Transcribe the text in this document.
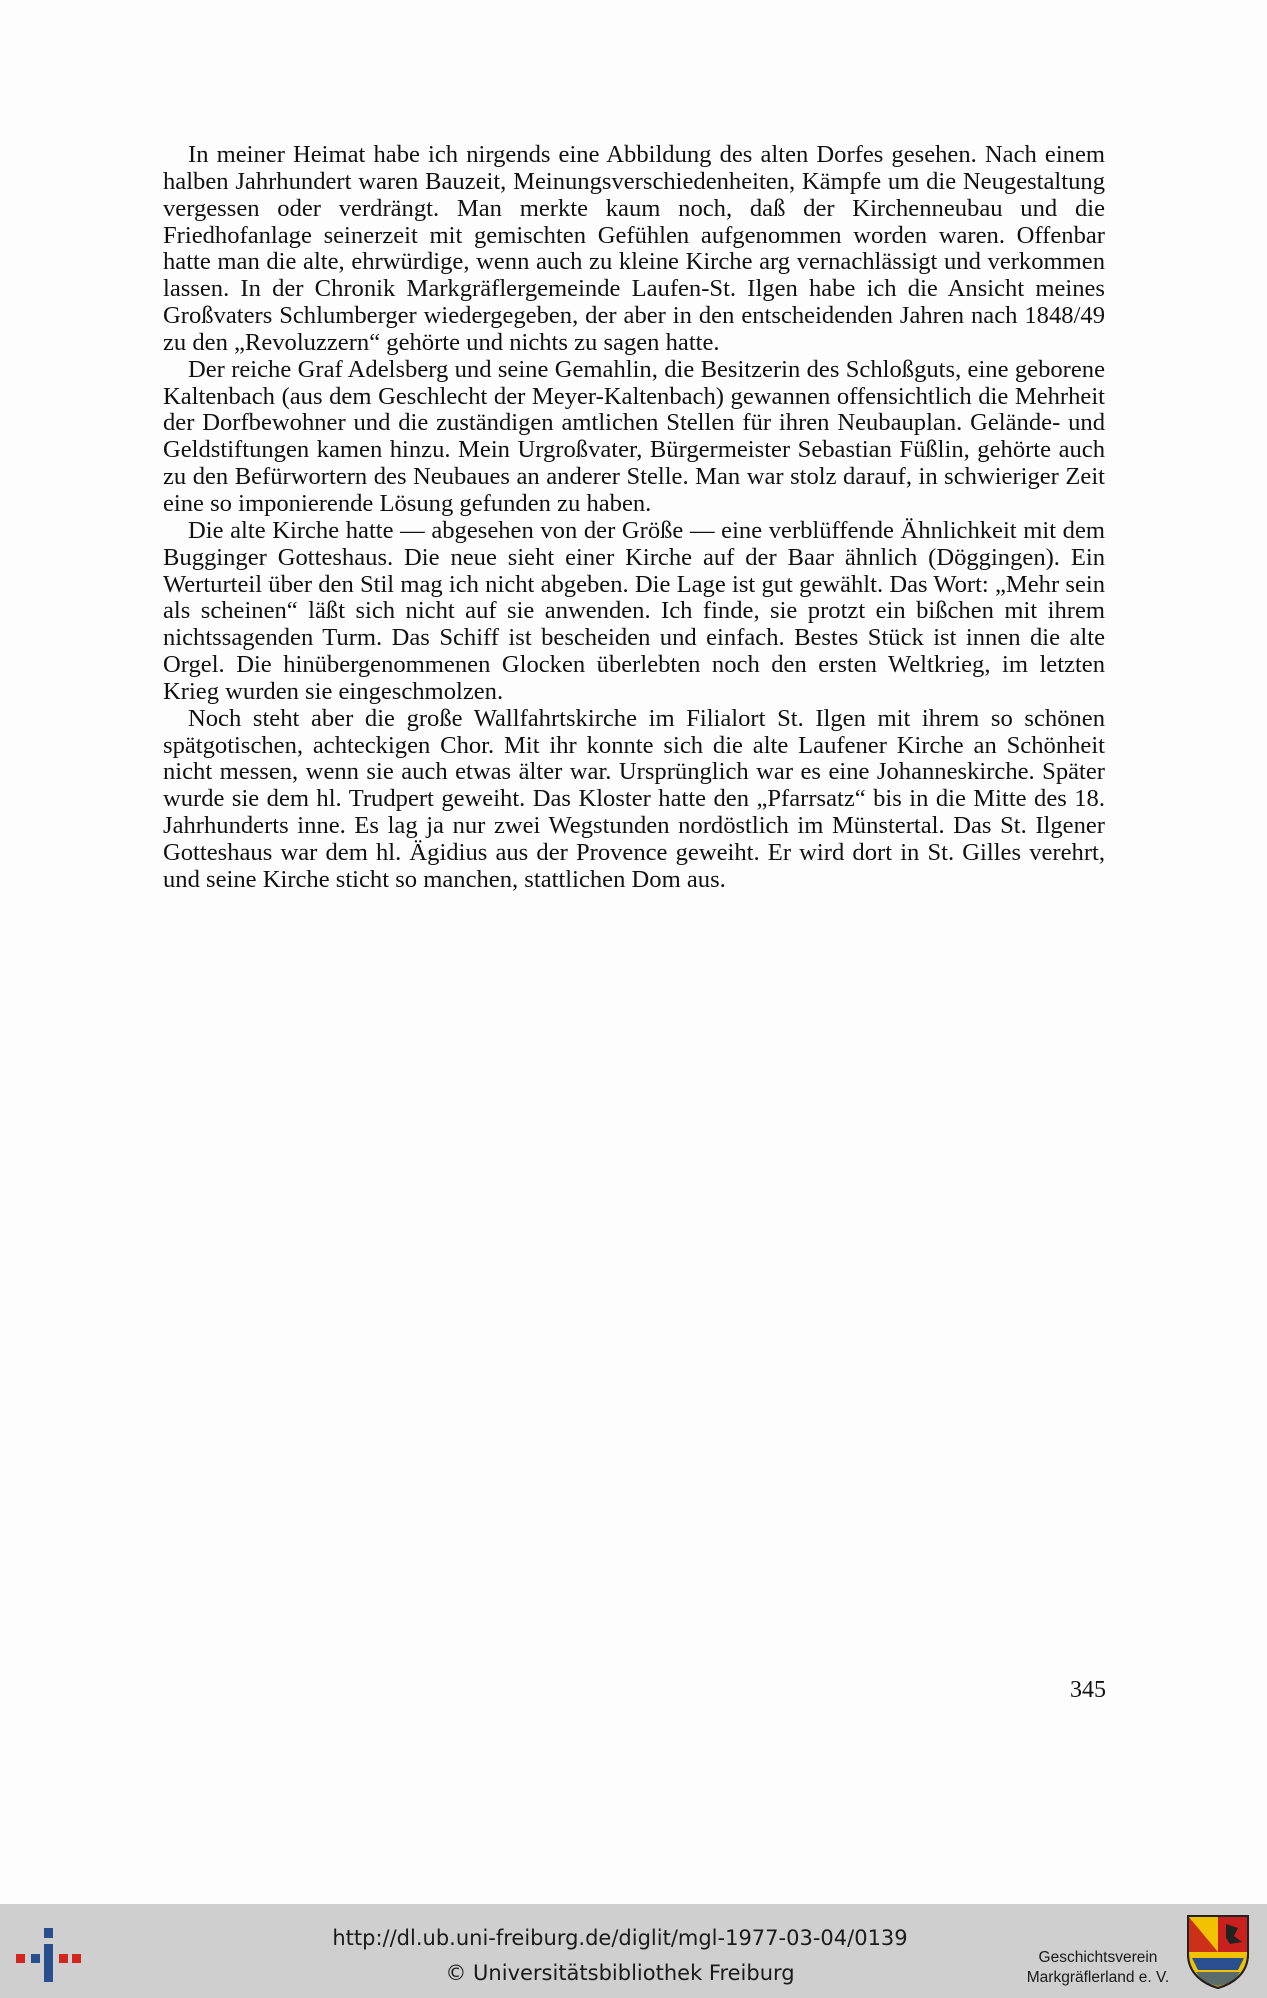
In meiner Heimat habe ich nirgends eine Abbildung des alten Dorfes gesehen. Nach einem halben Jahrhundert waren Bauzeit, Meinungsverschiedenheiten, Kämpfe um die Neugestaltung vergessen oder verdrängt. Man merkte kaum noch, daß der Kirchenneubau und die Friedhofanlage seinerzeit mit gemischten Gefühlen aufgenommen worden waren. Offenbar hatte man die alte, ehrwürdige, wenn auch zu kleine Kirche arg vernachlässigt und verkommen lassen. In der Chronik Markgräflergemeinde Laufen-St. Ilgen habe ich die Ansicht meines Großvaters Schlumberger wiedergegeben, der aber in den entscheidenden Jahren nach 1848/49 zu den „Revoluzzern“ gehörte und nichts zu sagen hatte.

Der reiche Graf Adelsberg und seine Gemahlin, die Besitzerin des Schloßguts, eine geborene Kaltenbach (aus dem Geschlecht der Meyer-Kaltenbach) gewannen offensichtlich die Mehrheit der Dorfbewohner und die zuständigen amtlichen Stellen für ihren Neubauplan. Gelände- und Geldstiftungen kamen hinzu. Mein Urgroßvater, Bürgermeister Sebastian Füßlin, gehörte auch zu den Befürwortern des Neubaues an anderer Stelle. Man war stolz darauf, in schwieriger Zeit eine so imponierende Lösung gefunden zu haben.

Die alte Kirche hatte — abgesehen von der Größe — eine verblüffende Ähnlichkeit mit dem Bugginger Gotteshaus. Die neue sieht einer Kirche auf der Baar ähnlich (Döggingen). Ein Werturteil über den Stil mag ich nicht abgeben. Die Lage ist gut gewählt. Das Wort: „Mehr sein als scheinen“ läßt sich nicht auf sie anwenden. Ich finde, sie protzt ein bißchen mit ihrem nichtssagenden Turm. Das Schiff ist bescheiden und einfach. Bestes Stück ist innen die alte Orgel. Die hinübergenommenen Glocken überlebten noch den ersten Weltkrieg, im letzten Krieg wurden sie eingeschmolzen.

Noch steht aber die große Wallfahrtskirche im Filialort St. Ilgen mit ihrem so schönen spätgotischen, achteckigen Chor. Mit ihr konnte sich die alte Laufener Kirche an Schönheit nicht messen, wenn sie auch etwas älter war. Ursprünglich war es eine Johanneskirche. Später wurde sie dem hl. Trudpert geweiht. Das Kloster hatte den „Pfarrsatz“ bis in die Mitte des 18. Jahrhunderts inne. Es lag ja nur zwei Wegstunden nordöstlich im Münstertal. Das St. Ilgener Gotteshaus war dem hl. Ägidius aus der Provence geweiht. Er wird dort in St. Gilles verehrt, und seine Kirche sticht so manchen, stattlichen Dom aus.

345
http://dl.ub.uni-freiburg.de/diglit/mgl-1977-03-04/0139
© Universitätsbibliothek Freiburg
Geschichtsverein
Markgräflerland e. V.
